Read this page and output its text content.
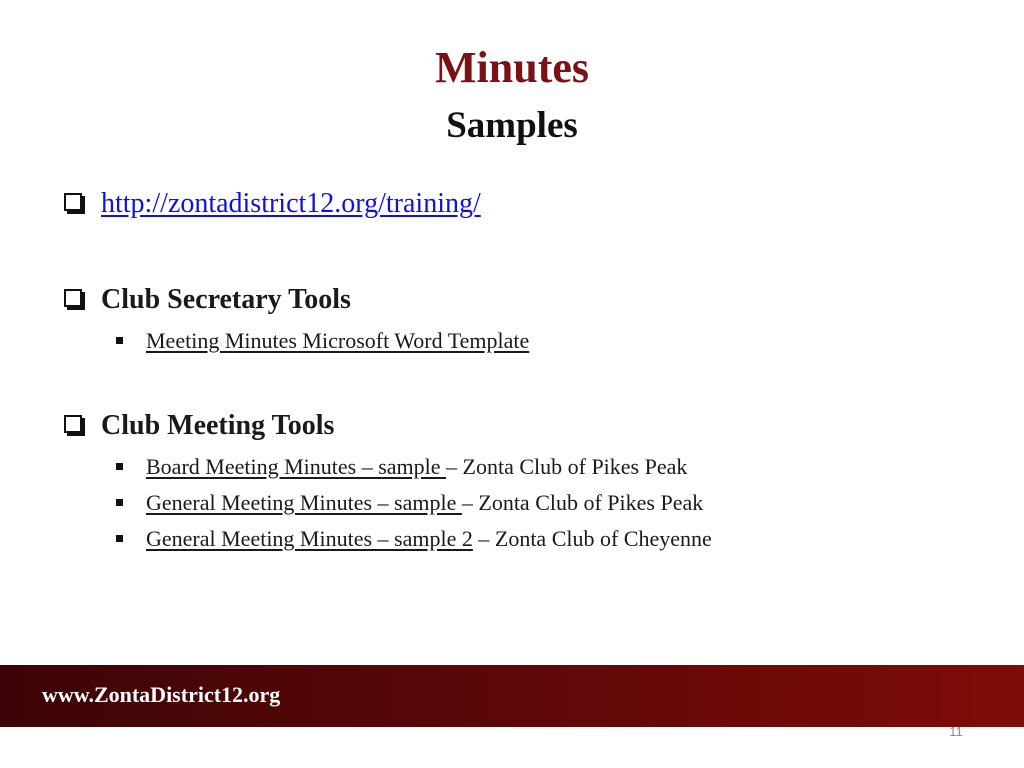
Minutes
Samples
http://zontadistrict12.org/training/
Club Secretary Tools
Meeting Minutes Microsoft Word Template
Club Meeting Tools
Board Meeting Minutes – sample – Zonta Club of Pikes Peak
General Meeting Minutes – sample – Zonta Club of Pikes Peak
General Meeting Minutes – sample 2 – Zonta Club of Cheyenne
www.ZontaDistrict12.org
11
